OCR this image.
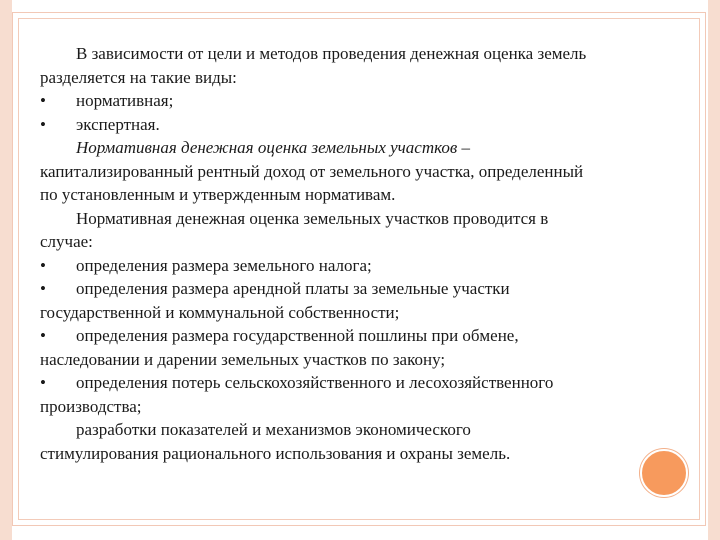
В зависимости от цели и методов проведения денежная оценка земель
разделяется на такие виды:
• нормативная;
• экспертная.
Нормативная денежная оценка земельных участков –
капитализированный рентный доход от земельного участка, определенный
по установленным и утвержденным нормативам.
Нормативная денежная оценка земельных участков проводится в
случае:
• определения размера земельного налога;
• определения размера арендной платы за земельные участки
государственной и коммунальной собственности;
• определения размера государственной пошлины при обмене,
наследовании и дарении земельных участков по закону;
• определения потерь сельскохозяйственного и лесохозяйственного
производства;
разработки показателей и механизмов экономического
стимулирования рационального использования и охраны земель.
